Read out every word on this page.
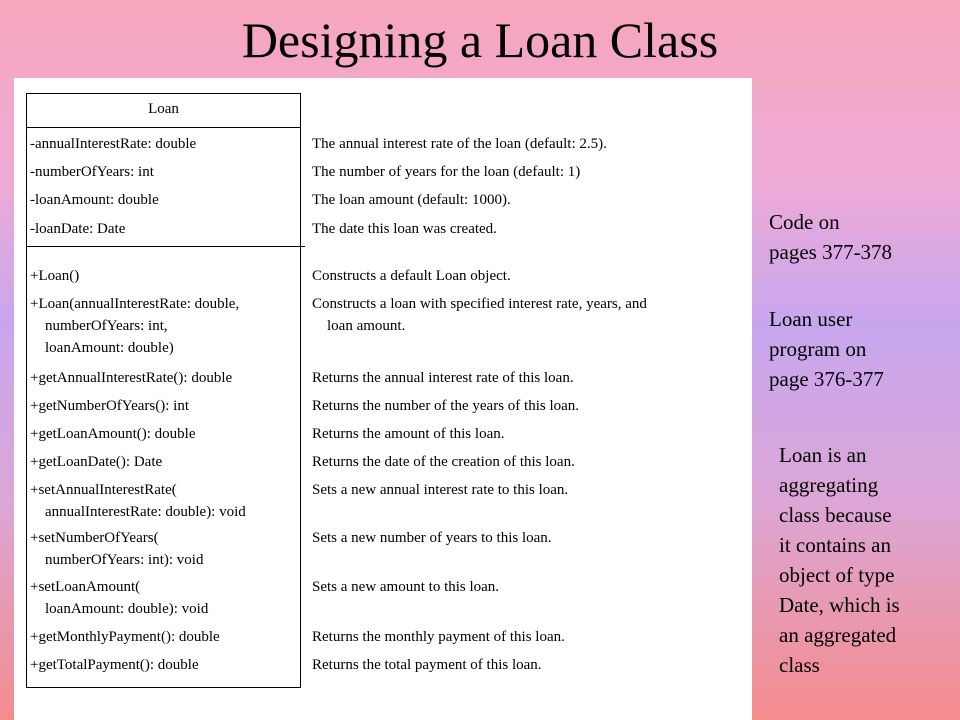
Designing a Loan Class
Loan
-annualInterestRate: double	The annual interest rate of the loan (default: 2.5).
-numberOfYears: int	The number of years for the loan (default: 1)
-loanAmount: double	The loan amount (default: 1000).
-loanDate: Date	The date this loan was created.
+Loan()	Constructs a default Loan object.
+Loan(annualInterestRate: double,
numberOfYears: int,
loanAmount: double)
Constructs a loan with specified interest rate, years, and
loan amount.
+getAnnualInterestRate(): double	Returns the annual interest rate of this loan.
+getNumberOfYears(): int	Returns the number of the years of this loan.
+getLoanAmount(): double	Returns the amount of this loan.
+getLoanDate(): Date	Returns the date of the creation of this loan.
+setAnnualInterestRate(
annualInterestRate: double): void
Sets a new annual interest rate to this loan.
+setNumberOfYears(
numberOfYears: int): void
Sets a new number of years to this loan.
+setLoanAmount(
loanAmount: double): void
Sets a new amount to this loan.
+getMonthlyPayment(): double	Returns the monthly payment of this loan.
+getTotalPayment(): double	Returns the total payment of this loan.
Code on
pages 377-378
Loan user
program on
page 376-377
Loan is an
aggregating
class because
it contains an
object of type
Date, which is
an aggregated
class
